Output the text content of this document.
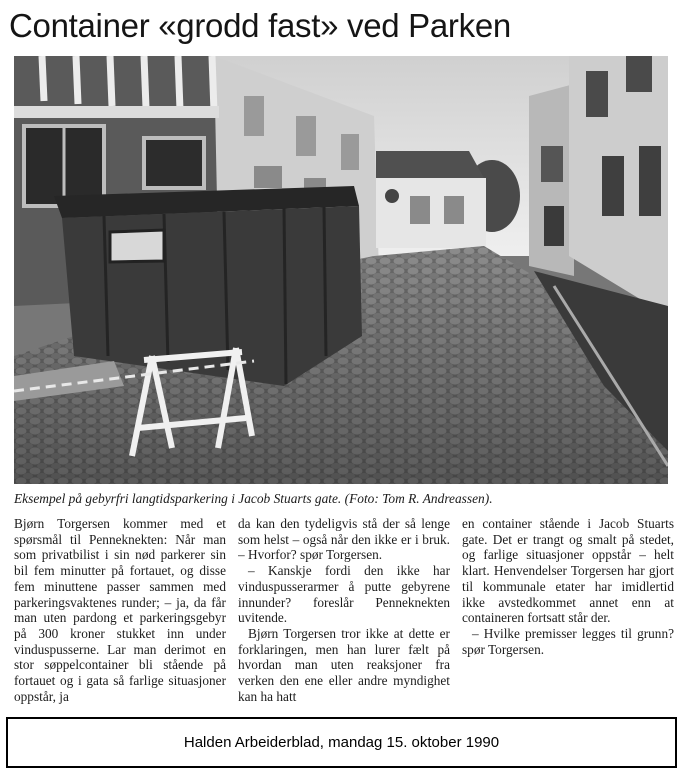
Container «grodd fast» ved Parken
Eksempel på gebyrfri langtidsparkering i Jacob Stuarts gate. (Foto: Tom R. Andreassen).

Bjørn Torgersen kommer med et spørsmål til Penneknekten: Når man som privatbilist i sin nød parkerer sin bil fem minutter på fortauet, og disse fem minuttene passer sammen med parkeringsvaktenes runder; – ja, da får man uten pardong et parkeringsgebyr på 300 kroner stukket inn under vinduspusserne. Lar man derimot en stor søppelcontainer bli stående på fortauet og i gata så farlige situasjoner oppstår, ja

da kan den tydeligvis stå der så lenge som helst – også når den ikke er i bruk. – Hvorfor? spør Torgersen.

– Kanskje fordi den ikke har vinduspusserarmer å putte gebyrene innunder? foreslår Penneknekten uvitende.

Bjørn Torgersen tror ikke at dette er forklaringen, men han lurer fælt på hvordan man uten reaksjoner fra verken den ene eller andre myndighet kan ha hatt

en container stående i Jacob Stuarts gate. Det er trangt og smalt på stedet, og farlige situasjoner oppstår – helt klart. Henvendelser Torgersen har gjort til kommunale etater har imidlertid ikke avstedkommet annet enn at containeren fortsatt står der.

– Hvilke premisser legges til grunn? spør Torgersen.

Halden Arbeiderblad, mandag 15. oktober 1990
